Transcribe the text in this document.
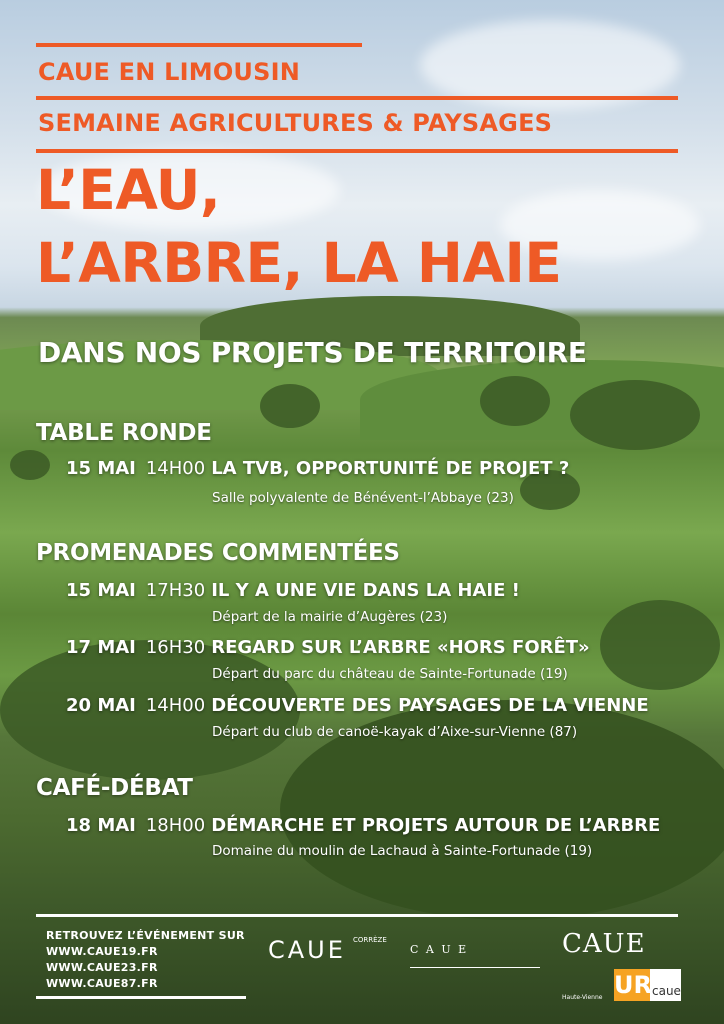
CAUE EN LIMOUSIN
SEMAINE AGRICULTURES & PAYSAGES
L’EAU,
L’ARBRE, LA HAIE
DANS NOS PROJETS DE TERRITOIRE
TABLE RONDE
15 MAI 14H00 LA TVB, OPPORTUNITÉ DE PROJET ?
Salle polyvalente de Bénévent-l’Abbaye (23)
PROMENADES COMMENTÉES
15 MAI 17H30 IL Y A UNE VIE DANS LA HAIE !
Départ de la mairie d’Augères (23)
17 MAI 16H30 REGARD SUR L’ARBRE «HORS FORÊT»
Départ du parc du château de Sainte-Fortunade (19)
20 MAI 14H00 DÉCOUVERTE DES PAYSAGES DE LA VIENNE
Départ du club de canoë-kayak d’Aixe-sur-Vienne (87)
CAFÉ-DÉBAT
18 MAI 18H00 DÉMARCHE ET PROJETS AUTOUR DE L’ARBRE
Domaine du moulin de Lachaud à Sainte-Fortunade (19)
RETROUVEZ L’ÉVÉNEMENT SUR
WWW.CAUE19.FR
WWW.CAUE23.FR
WWW.CAUE87.FR
CAUE $^{CORRÈZE}$
C A U E	CAUE
Haute-Vienne UR caue
